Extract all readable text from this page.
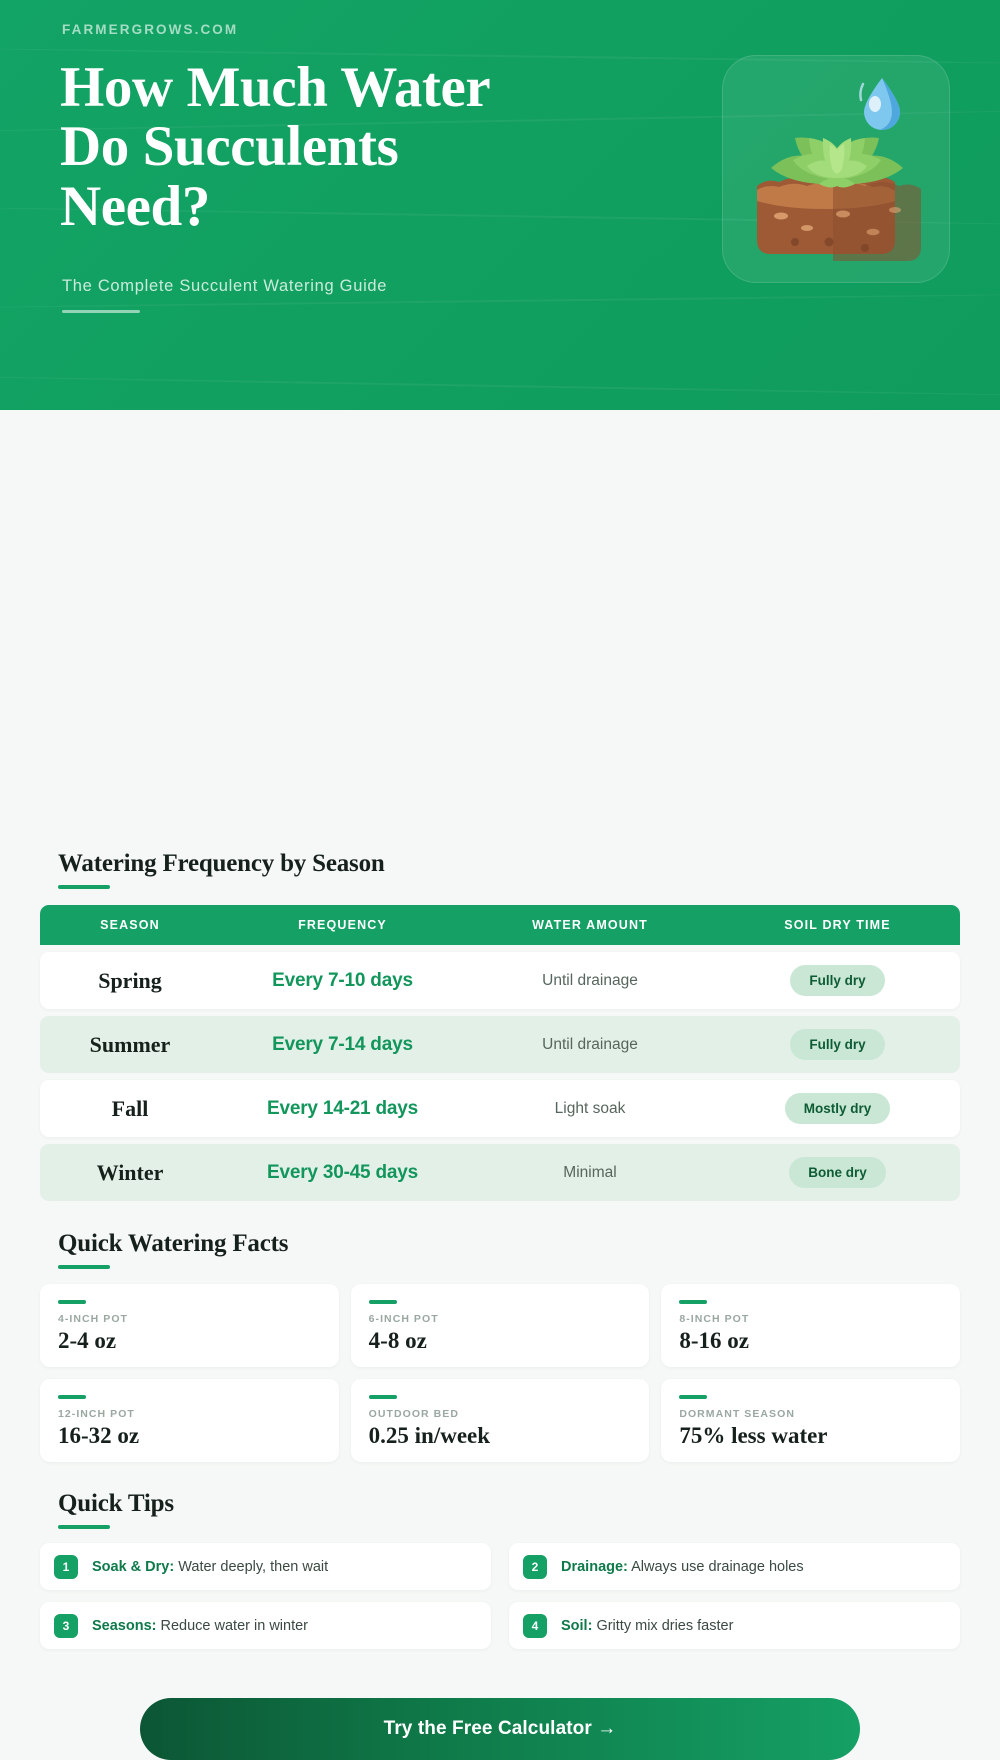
FARMERGROWS.COM
How Much Water
Do Succulents
Need?
The Complete Succulent Watering Guide
Watering Frequency by Season
SEASON	FREQUENCY	WATER AMOUNT	SOIL DRY TIME
Spring	Every 7-10 days	Until drainage	Fully dry
Summer	Every 7-14 days	Until drainage	Fully dry
Fall	Every 14-21 days	Light soak	Mostly dry
Winter	Every 30-45 days	Minimal	Bone dry
Quick Watering Facts
4-INCH POT
2-4 oz
6-INCH POT
4-8 oz
8-INCH POT
8-16 oz
12-INCH POT
16-32 oz
OUTDOOR BED
0.25 in/week
DORMANT SEASON
75% less water
Quick Tips
1	Soak & Dry: Water deeply, then wait	2	Drainage: Always use drainage holes
3	Seasons: Reduce water in winter	4	Soil: Gritty mix dries faster
Try the Free Calculator →
